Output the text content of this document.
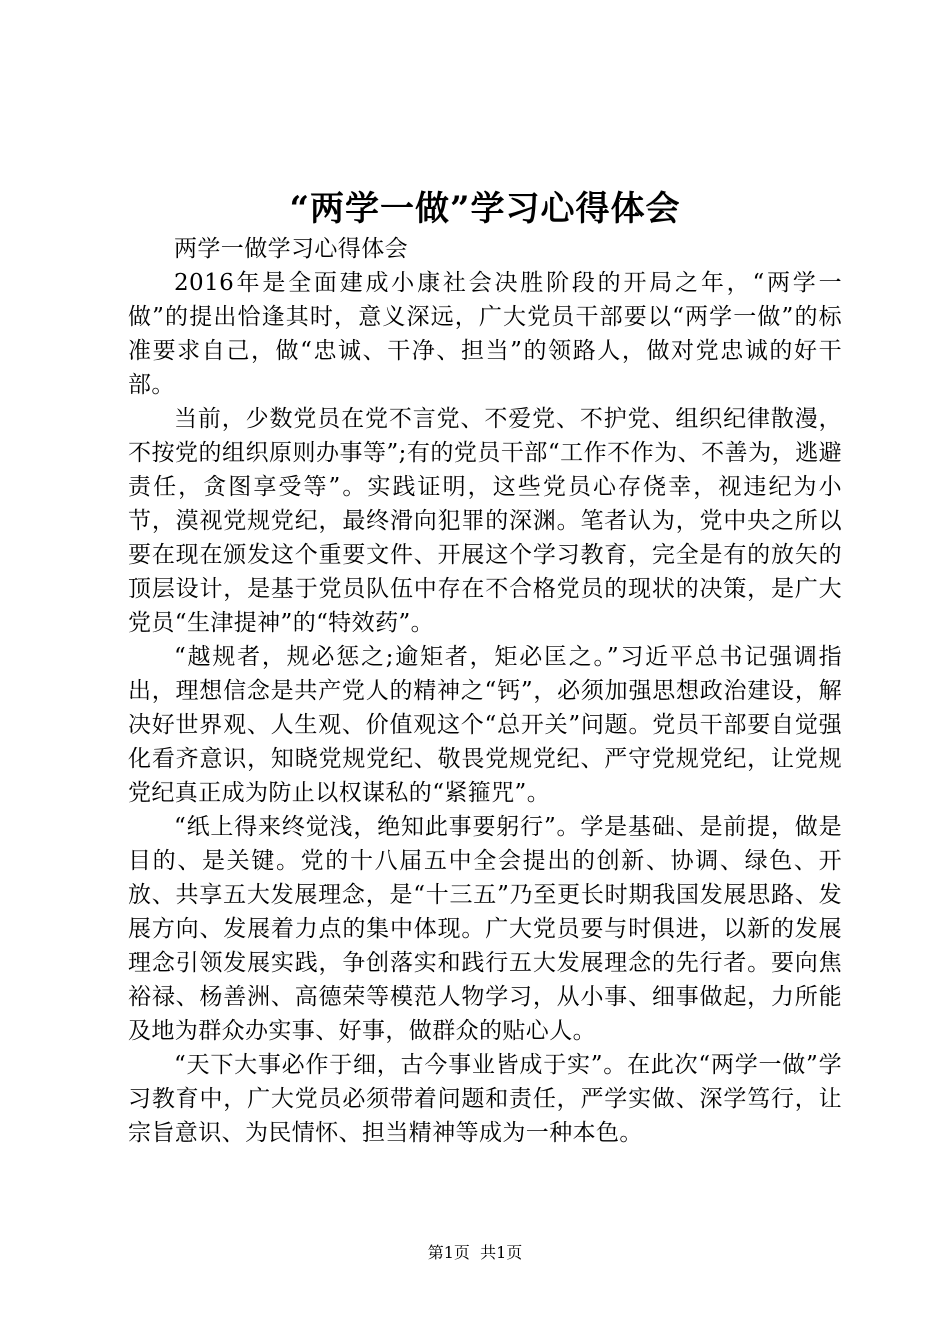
“两学一做”学习心得体会

两学一做学习心得体会

2016年是全面建成小康社会决胜阶段的开局之年，“两学一做”的提出恰逢其时，意义深远，广大党员干部要以“两学一做”的标准要求自己，做“忠诚、干净、担当”的领路人，做对党忠诚的好干部。

当前，少数党员在党不言党、不爱党、不护党、组织纪律散漫，不按党的组织原则办事等”;有的党员干部“工作不作为、不善为，逃避责任，贪图享受等”。实践证明，这些党员心存侥幸，视违纪为小节，漠视党规党纪，最终滑向犯罪的深渊。笔者认为，党中央之所以要在现在颁发这个重要文件、开展这个学习教育，完全是有的放矢的顶层设计，是基于党员队伍中存在不合格党员的现状的决策，是广大党员“生津提神”的“特效药”。

“越规者，规必惩之;逾矩者，矩必匡之。”习近平总书记强调指出，理想信念是共产党人的精神之“钙”，必须加强思想政治建设，解决好世界观、人生观、价值观这个“总开关”问题。党员干部要自觉强化看齐意识，知晓党规党纪、敬畏党规党纪、严守党规党纪，让党规党纪真正成为防止以权谋私的“紧箍咒”。

“纸上得来终觉浅，绝知此事要躬行”。学是基础、是前提，做是目的、是关键。党的十八届五中全会提出的创新、协调、绿色、开放、共享五大发展理念，是“十三五”乃至更长时期我国发展思路、发展方向、发展着力点的集中体现。广大党员要与时俱进，以新的发展理念引领发展实践，争创落实和践行五大发展理念的先行者。要向焦裕禄、杨善洲、高德荣等模范人物学习，从小事、细事做起，力所能及地为群众办实事、好事，做群众的贴心人。

“天下大事必作于细，古今事业皆成于实”。在此次“两学一做”学习教育中，广大党员必须带着问题和责任，严学实做、深学笃行，让宗旨意识、为民情怀、担当精神等成为一种本色。

第1页 共1页
